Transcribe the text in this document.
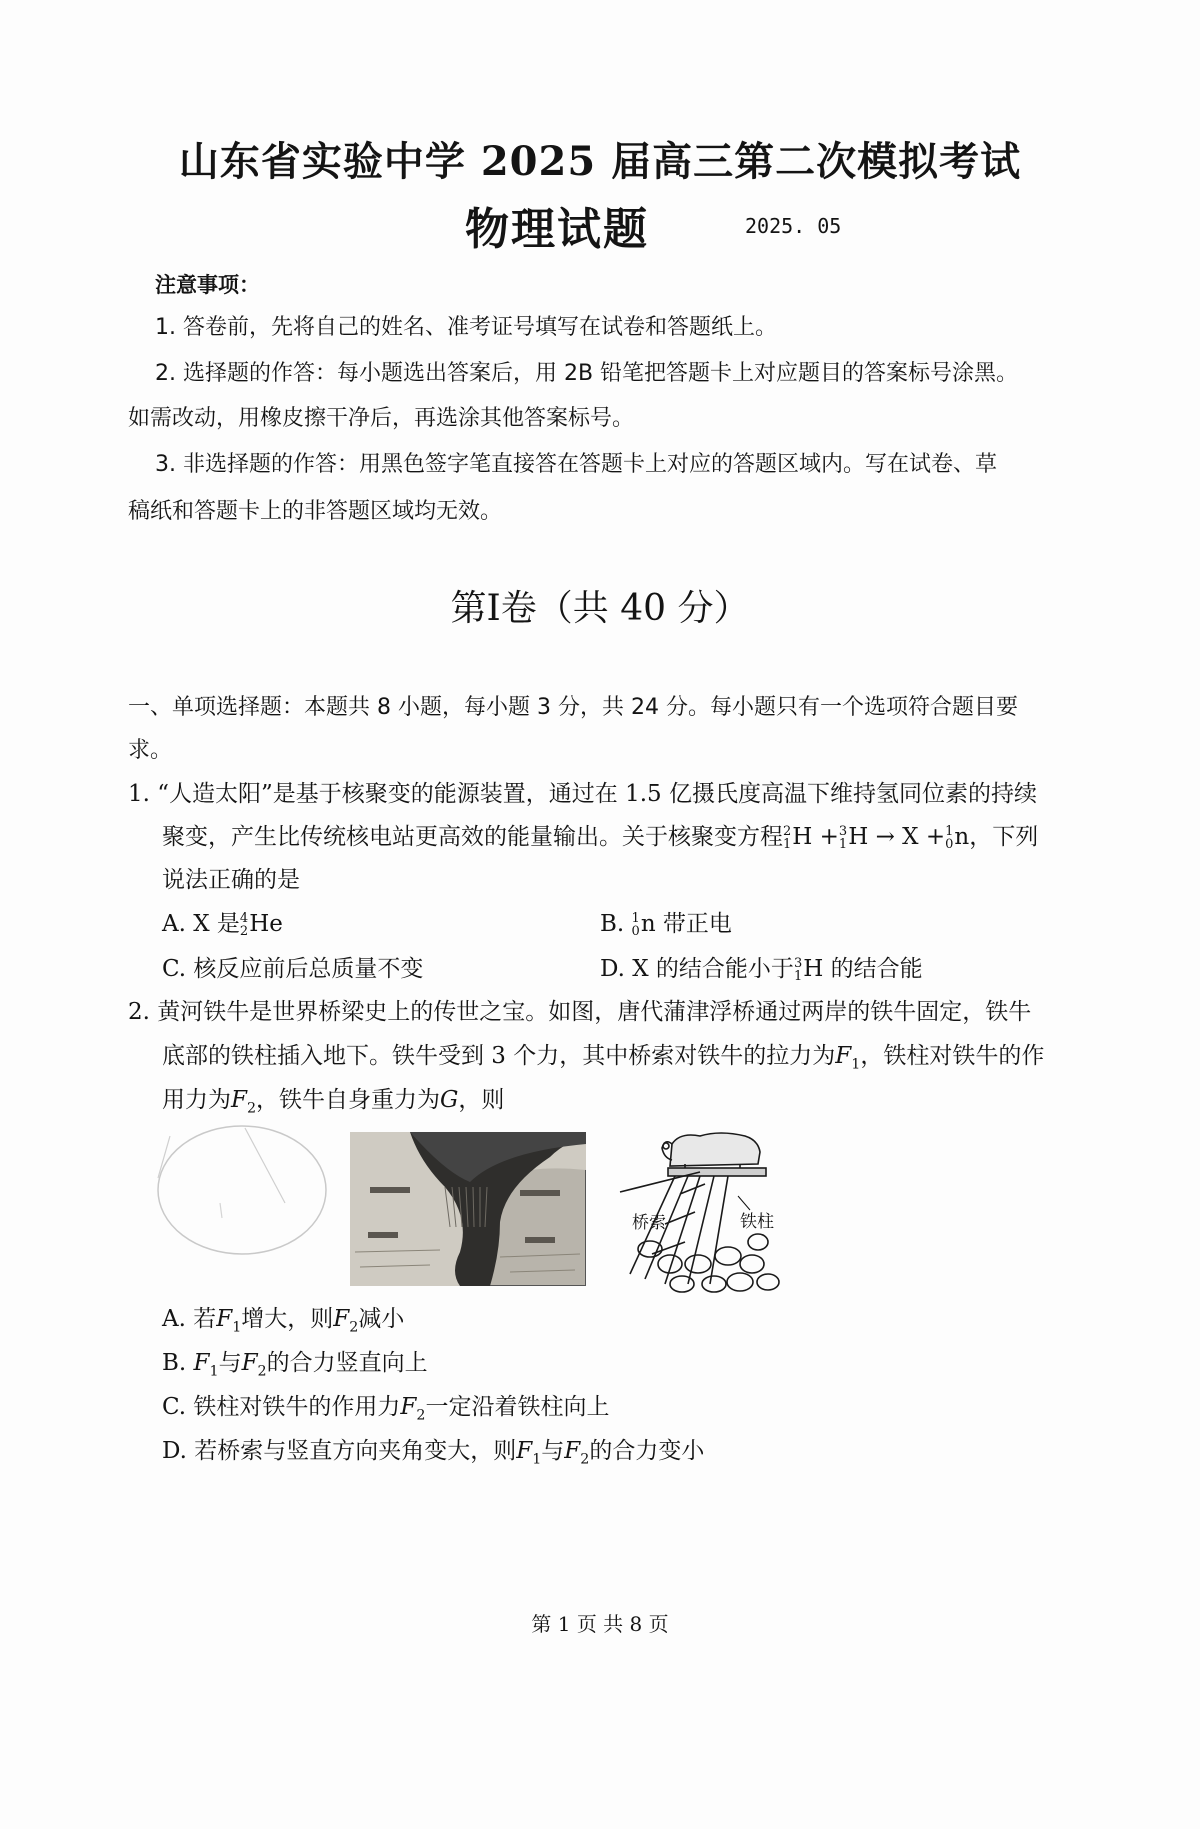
山东省实验中学 2025 届高三第二次模拟考试
物理试题	2025. 05
注意事项：
1. 答卷前，先将自己的姓名、准考证号填写在试卷和答题纸上。
2. 选择题的作答：每小题选出答案后，用 2B 铅笔把答题卡上对应题目的答案标号涂黑。
如需改动，用橡皮擦干净后，再选涂其他答案标号。
3. 非选择题的作答：用黑色签字笔直接答在答题卡上对应的答题区域内。写在试卷、草
稿纸和答题卡上的非答题区域均无效。
第Ⅰ卷（共 40 分）
一、单项选择题：本题共 8 小题，每小题 3 分，共 24 分。每小题只有一个选项符合题目要
求。
1. “人造太阳”是基于核聚变的能源装置，通过在 1.5 亿摄氏度高温下维持氢同位素的持续
聚变，产生比传统核电站更高效的能量输出。关于核聚变方程 2
1 H + 3
1 H → X + 1
0 n，下列
说法正确的是
A. X 是 4
2 He	B. 1
0 n 带正电
C. 核反应前后总质量不变	D. X 的结合能小于 3
1 H 的结合能
2. 黄河铁牛是世界桥梁史上的传世之宝。如图，唐代蒲津浮桥通过两岸的铁牛固定，铁牛
底部的铁柱插入地下。铁牛受到 3 个力，其中桥索对铁牛的拉力为$F_1$，铁柱对铁牛的作
用力为$F_2$，铁牛自身重力为G，则
桥索	铁柱
A. 若$F_1$增大，则$F_2$减小
B. $F_1$与$F_2$的合力竖直向上
C. 铁柱对铁牛的作用力$F_2$一定沿着铁柱向上
D. 若桥索与竖直方向夹角变大，则$F_1$与$F_2$的合力变小
第 1 页 共 8 页
